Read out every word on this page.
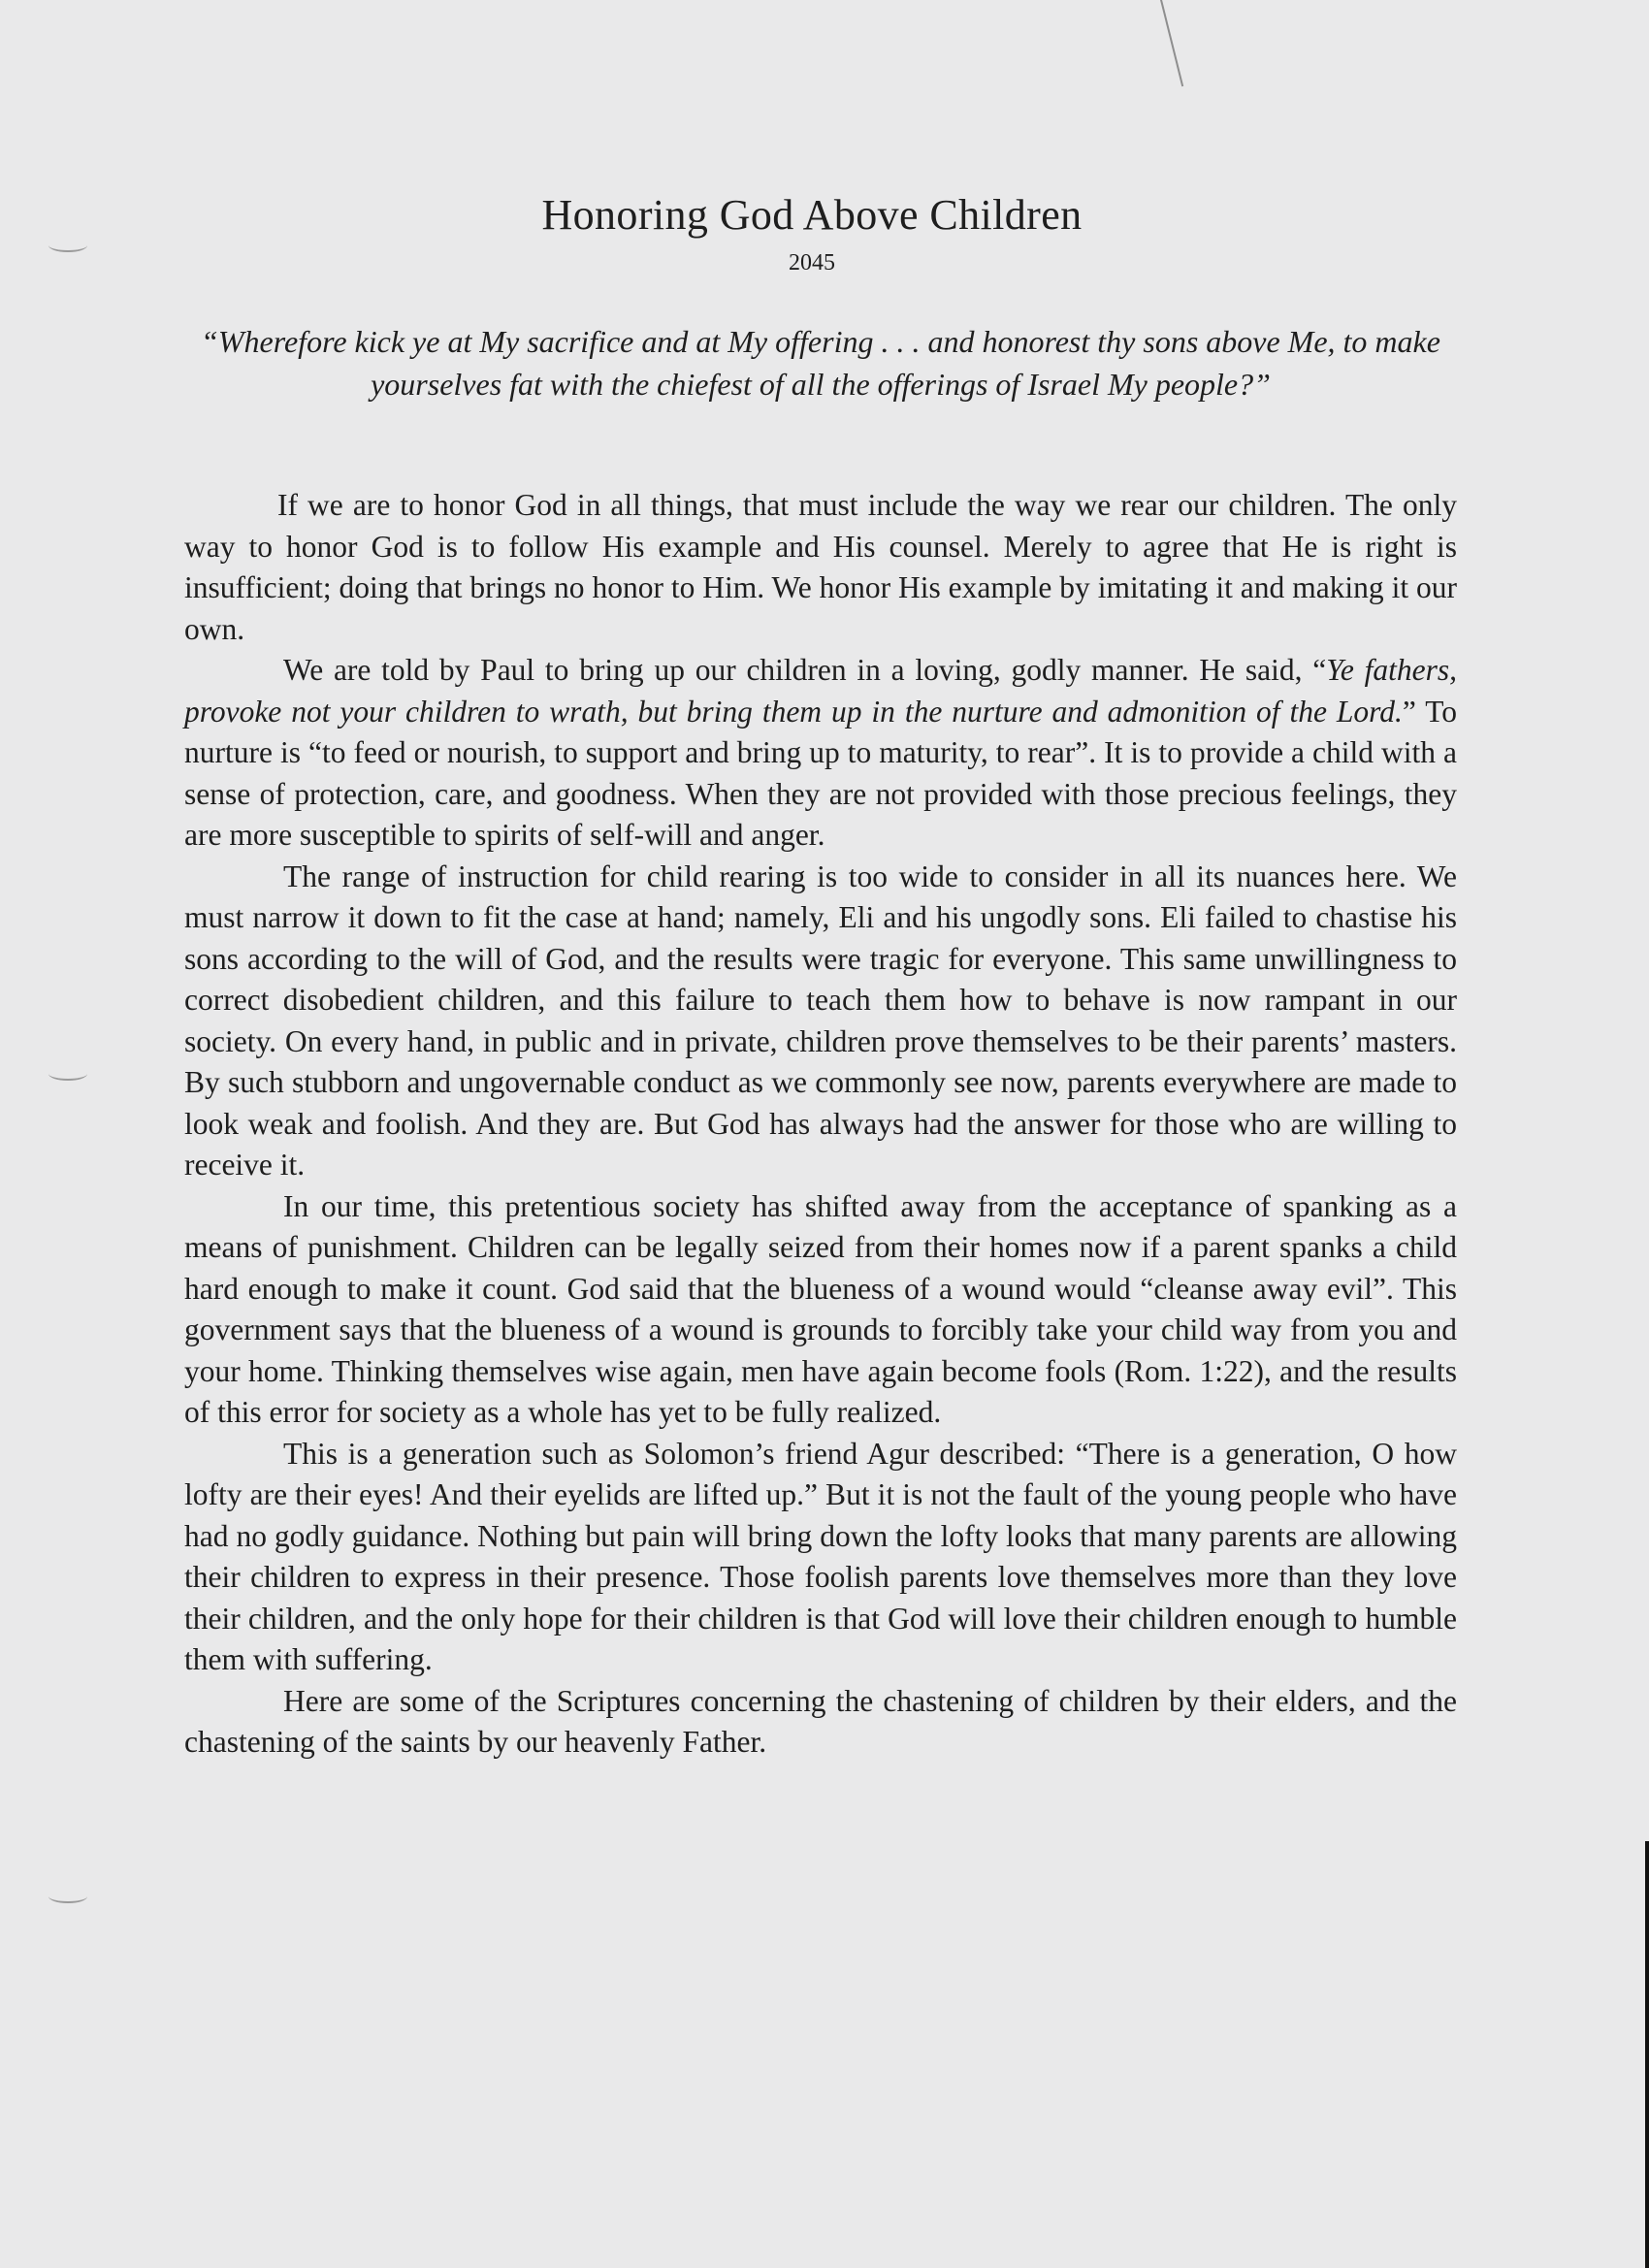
Honoring God Above Children
2045
“Wherefore kick ye at My sacrifice and at My offering . . . and honorest thy sons above Me, to make yourselves fat with the chiefest of all the offerings of Israel My people?”

If we are to honor God in all things, that must include the way we rear our children. The only way to honor God is to follow His example and His counsel. Merely to agree that He is right is insufficient; doing that brings no honor to Him. We honor His example by imitating it and making it our own.

We are told by Paul to bring up our children in a loving, godly manner. He said, “Ye fathers, provoke not your children to wrath, but bring them up in the nurture and admonition of the Lord.” To nurture is “to feed or nourish, to support and bring up to maturity, to rear”. It is to provide a child with a sense of protection, care, and goodness. When they are not provided with those precious feelings, they are more susceptible to spirits of self-will and anger.

The range of instruction for child rearing is too wide to consider in all its nuances here. We must narrow it down to fit the case at hand; namely, Eli and his ungodly sons. Eli failed to chastise his sons according to the will of God, and the results were tragic for everyone. This same unwillingness to correct disobedient children, and this failure to teach them how to behave is now rampant in our society. On every hand, in public and in private, children prove themselves to be their parents’ masters. By such stubborn and ungovernable conduct as we commonly see now, parents everywhere are made to look weak and foolish. And they are. But God has always had the answer for those who are willing to receive it.

In our time, this pretentious society has shifted away from the acceptance of spanking as a means of punishment. Children can be legally seized from their homes now if a parent spanks a child hard enough to make it count. God said that the blueness of a wound would “cleanse away evil”. This government says that the blueness of a wound is grounds to forcibly take your child way from you and your home. Thinking themselves wise again, men have again become fools (Rom. 1:22), and the results of this error for society as a whole has yet to be fully realized.

This is a generation such as Solomon’s friend Agur described: “There is a generation, O how lofty are their eyes! And their eyelids are lifted up.” But it is not the fault of the young people who have had no godly guidance. Nothing but pain will bring down the lofty looks that many parents are allowing their children to express in their presence. Those foolish parents love themselves more than they love their children, and the only hope for their children is that God will love their children enough to humble them with suffering.

Here are some of the Scriptures concerning the chastening of children by their elders, and the chastening of the saints by our heavenly Father.
